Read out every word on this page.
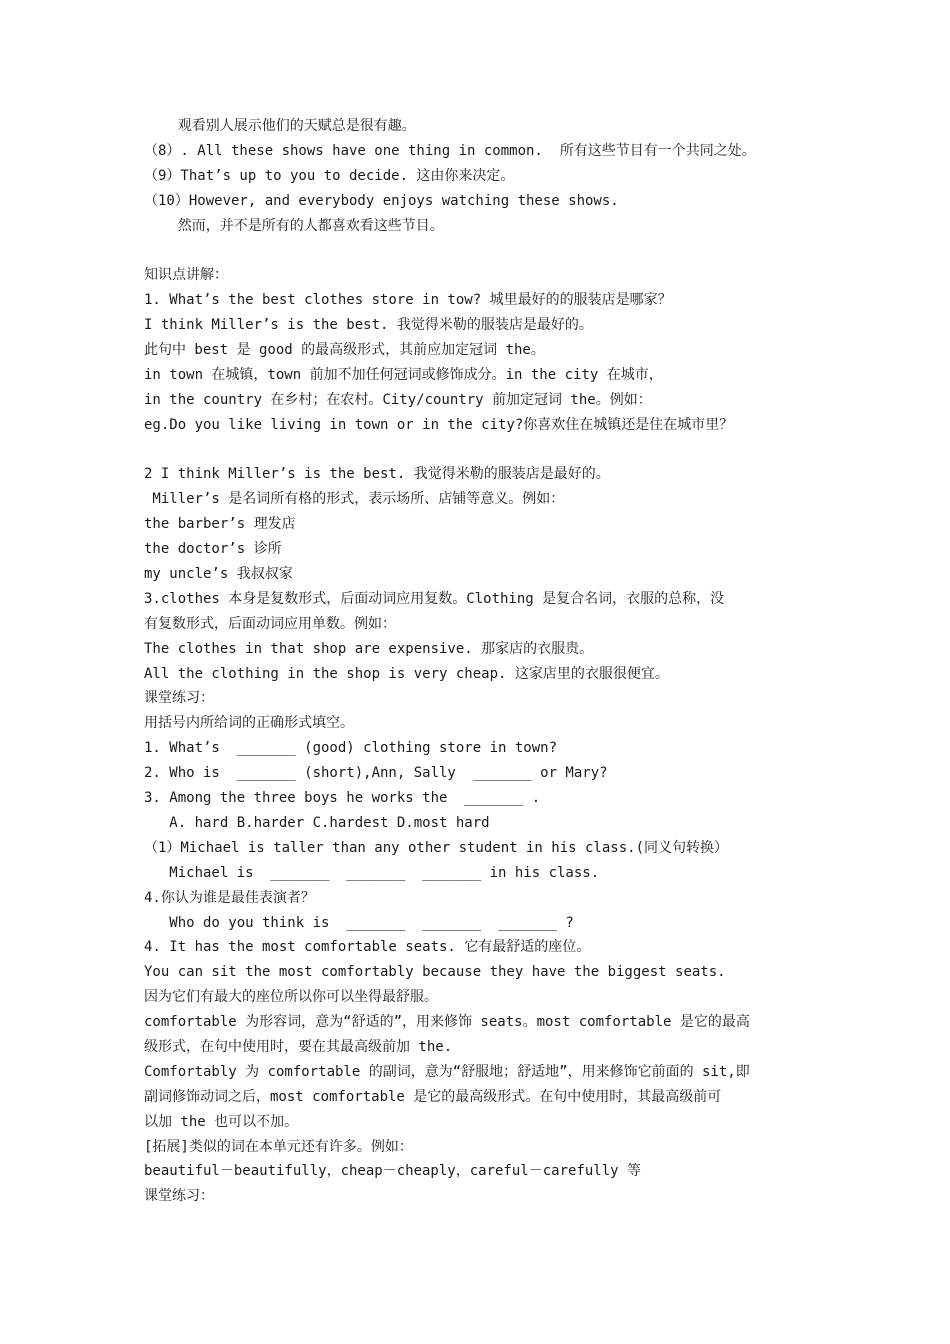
观看别人展示他们的天赋总是很有趣。
（8）. All these shows have one thing in common.  所有这些节目有一个共同之处。
（9）That’s up to you to decide. 这由你来决定。
（10）However, and everybody enjoys watching these shows.
然而，并不是所有的人都喜欢看这些节目。
知识点讲解：
1. What’s the best clothes store in tow? 城里最好的的服装店是哪家？
I think Miller’s is the best. 我觉得米勒的服装店是最好的。
此句中 best 是 good 的最高级形式，其前应加定冠词 the。
in town 在城镇，town 前加不加任何冠词或修饰成分。in the city 在城市，
in the country 在乡村；在农村。City/country 前加定冠词 the。例如：
eg.Do you like living in town or in the city?你喜欢住在城镇还是住在城市里？
2 I think Miller’s is the best. 我觉得米勒的服装店是最好的。
Miller’s 是名词所有格的形式，表示场所、店铺等意义。例如：
the barber’s 理发店
the doctor’s 诊所
my uncle’s 我叔叔家
3.clothes 本身是复数形式，后面动词应用复数。Clothing 是复合名词，衣服的总称，没
有复数形式，后面动词应用单数。例如：
The clothes in that shop are expensive. 那家店的衣服贵。
All the clothing in the shop is very cheap. 这家店里的衣服很便宜。
课堂练习：
用括号内所给词的正确形式填空。
1. What’s  _______ (good) clothing store in town?
2. Who is  _______ (short),Ann, Sally  _______ or Mary?
3. Among the three boys he works the  _______ .
A. hard B.harder C.hardest D.most hard
（1）Michael is taller than any other student in his class.(同义句转换）
Michael is  _______  _______  _______ in his class.
4.你认为谁是最佳表演者？
Who do you think is  _______  _______  _______ ?
4. It has the most comfortable seats. 它有最舒适的座位。
You can sit the most comfortably because they have the biggest seats.
因为它们有最大的座位所以你可以坐得最舒服。
comfortable 为形容词，意为“舒适的”，用来修饰 seats。most comfortable 是它的最高
级形式，在句中使用时，要在其最高级前加 the.
Comfortably 为 comfortable 的副词，意为“舒服地；舒适地”，用来修饰它前面的 sit,即
副词修饰动词之后，most comfortable 是它的最高级形式。在句中使用时，其最高级前可
以加 the 也可以不加。
[拓展]类似的词在本单元还有许多。例如：
beautiful－beautifully，cheap－cheaply，careful－carefully 等
课堂练习：
